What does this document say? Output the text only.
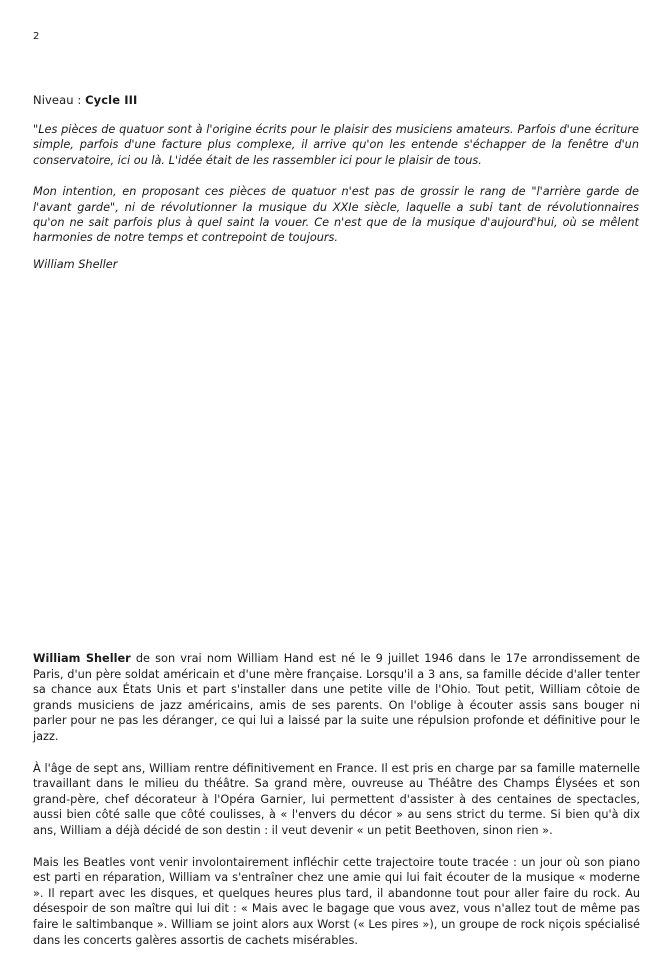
2
Niveau : Cycle III

"Les pièces de quatuor sont à l'origine écrits pour le plaisir des musiciens amateurs. Parfois d'une écriture simple, parfois d'une facture plus complexe, il arrive qu'on les entende s'échapper de la fenêtre d'un conservatoire, ici ou là. L'idée était de les rassembler ici pour le plaisir de tous.

Mon intention, en proposant ces pièces de quatuor n'est pas de grossir le rang de "l'arrière garde de l'avant garde", ni de révolutionner la musique du XXIe siècle, laquelle a subi tant de révolutionnaires qu'on ne sait parfois plus à quel saint la vouer. Ce n'est que de la musique d'aujourd'hui, où se mêlent harmonies de notre temps et contrepoint de toujours.

William Sheller

William Sheller de son vrai nom William Hand est né le 9 juillet 1946 dans le 17e arrondissement de Paris, d'un père soldat américain et d'une mère française. Lorsqu'il a 3 ans, sa famille décide d'aller tenter sa chance aux États Unis et part s'installer dans une petite ville de l'Ohio. Tout petit, William côtoie de grands musiciens de jazz américains, amis de ses parents. On l'oblige à écouter assis sans bouger ni parler pour ne pas les déranger, ce qui lui a laissé par la suite une répulsion profonde et définitive pour le jazz.

À l'âge de sept ans, William rentre définitivement en France. Il est pris en charge par sa famille maternelle travaillant dans le milieu du théâtre. Sa grand mère, ouvreuse au Théâtre des Champs Élysées et son grand-père, chef décorateur à l'Opéra Garnier, lui permettent d'assister à des centaines de spectacles, aussi bien côté salle que côté coulisses, à « l'envers du décor » au sens strict du terme. Si bien qu'à dix ans, William a déjà décidé de son destin : il veut devenir « un petit Beethoven, sinon rien ».

Mais les Beatles vont venir involontairement infléchir cette trajectoire toute tracée : un jour où son piano est parti en réparation, William va s'entraîner chez une amie qui lui fait écouter de la musique « moderne ». Il repart avec les disques, et quelques heures plus tard, il abandonne tout pour aller faire du rock. Au désespoir de son maître qui lui dit : « Mais avec le bagage que vous avez, vous n'allez tout de même pas faire le saltimbanque ». William se joint alors aux Worst (« Les pires »), un groupe de rock niçois spécialisé dans les concerts galères assortis de cachets misérables.
